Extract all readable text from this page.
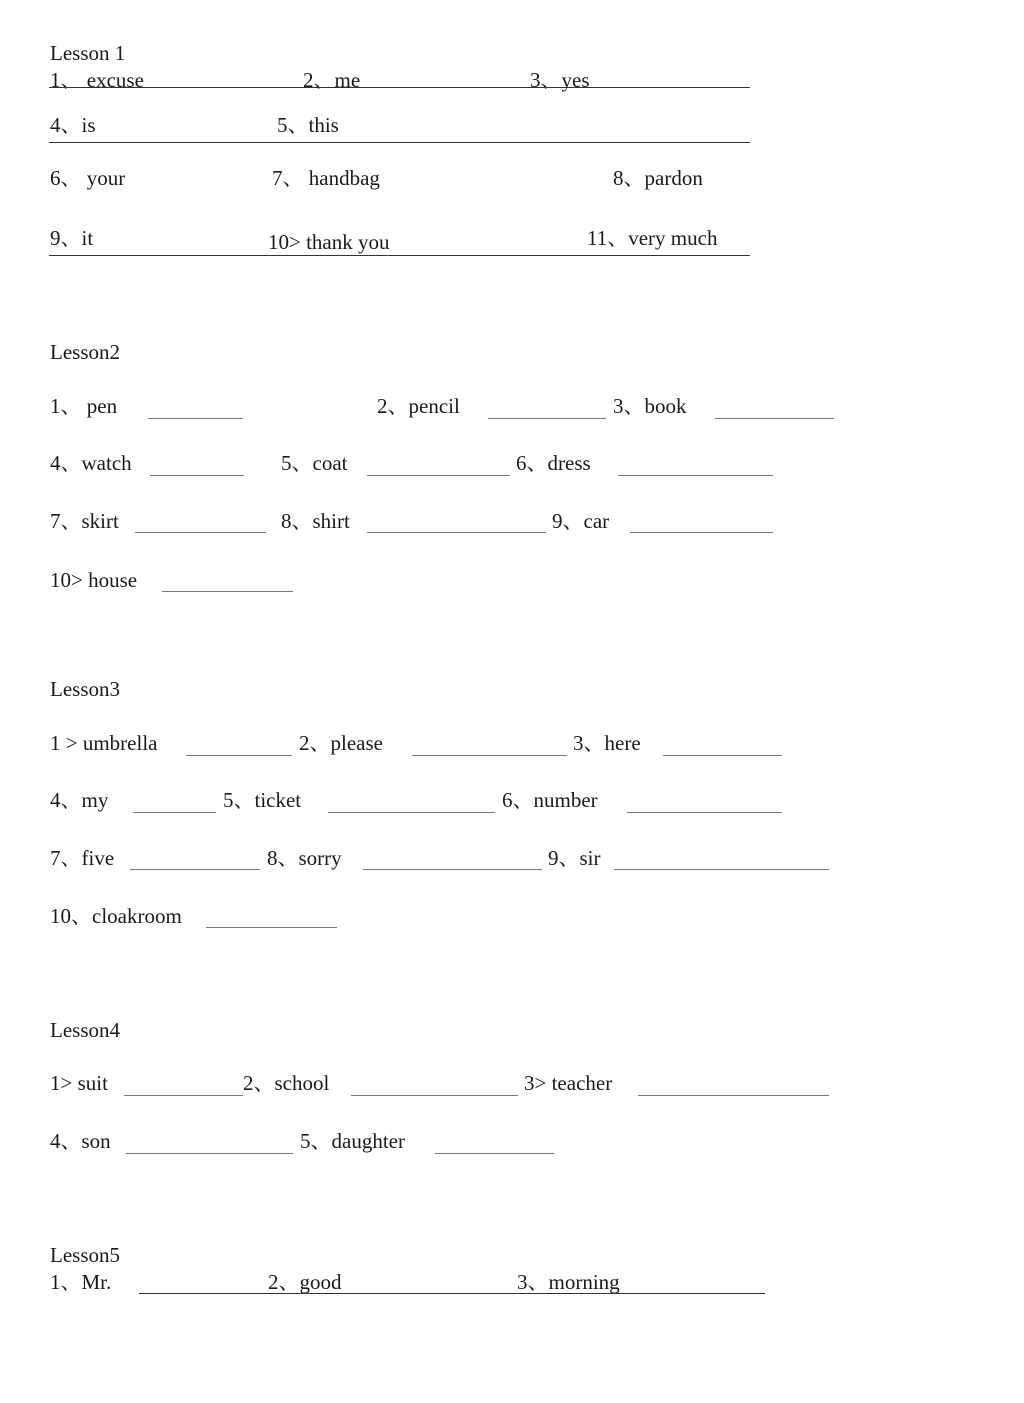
Lesson 1
1、 excuse	2、me	3、yes
4、is	5、this
6、 your	7、 handbag	8、pardon
9、it	10> thank you	11、very much
Lesson2
1、 pen	2、pencil	3、book
4、watch	5、coat	6、dress
7、skirt	8、shirt	9、car
10> house
Lesson3
1 > umbrella	2、please	3、here
4、my	5、ticket	6、number
7、five	8、sorry	9、sir
10、cloakroom
Lesson4
1> suit	2、school	3> teacher
4、son	5、daughter
Lesson5
1、Mr.	2、good	3、morning
